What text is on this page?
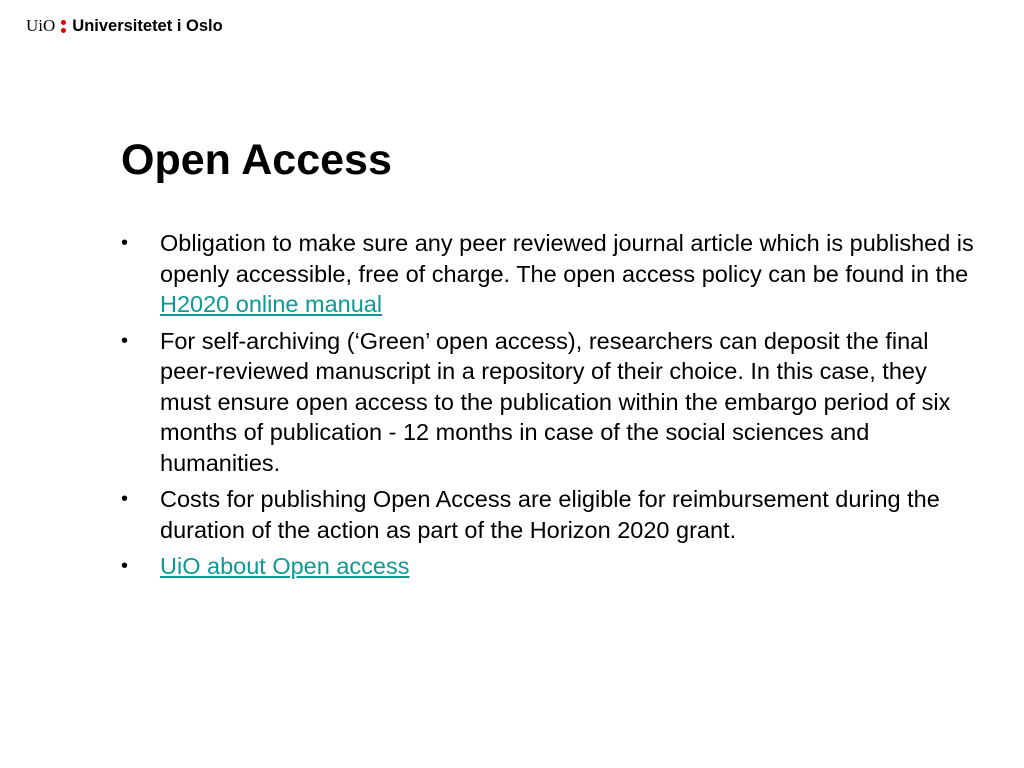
UiO Universitetet i Oslo
Open Access
• Obligation to make sure any peer reviewed journal article which is published is openly accessible, free of charge. The open access policy can be found in the H2020 online manual
• For self-archiving (‘Green’ open access), researchers can deposit the final peer-reviewed manuscript in a repository of their choice. In this case, they must ensure open access to the publication within the embargo period of six months of publication - 12 months in case of the social sciences and humanities.
• Costs for publishing Open Access are eligible for reimbursement during the duration of the action as part of the Horizon 2020 grant.
• UiO about Open access
